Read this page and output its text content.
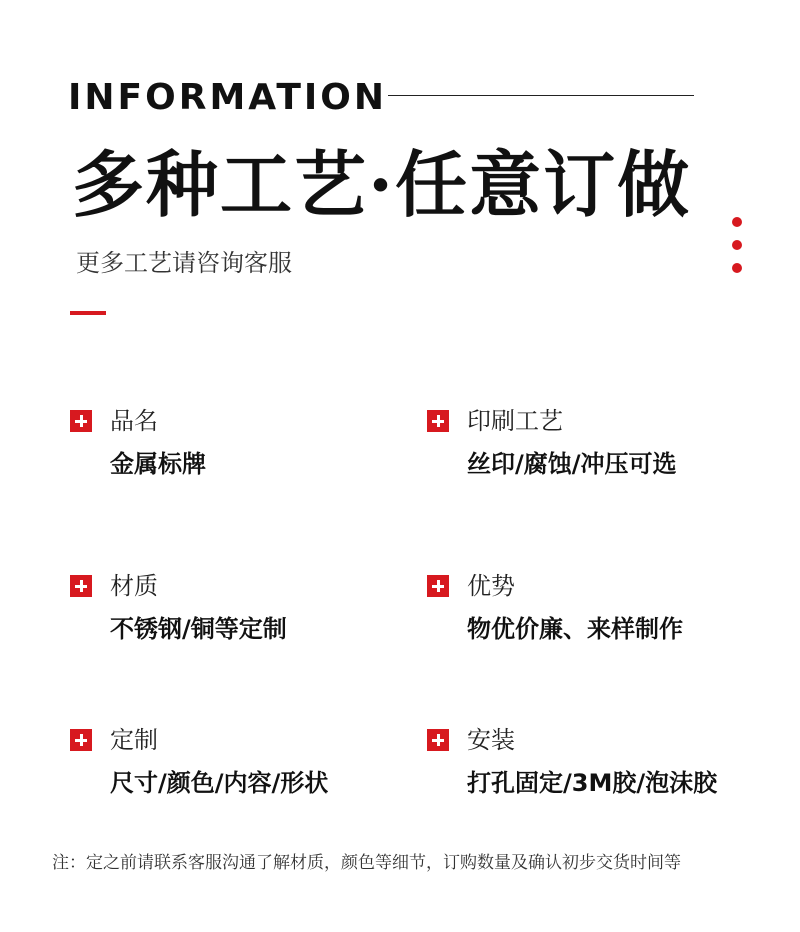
INFORMATION
多种工艺·任意订做
更多工艺请咨询客服
品名
金属标牌
印刷工艺
丝印/腐蚀/冲压可选
材质
不锈钢/铜等定制
优势
物优价廉、来样制作
定制
尺寸/颜色/内容/形状
安装
打孔固定/3M胶/泡沫胶
注：定之前请联系客服沟通了解材质，颜色等细节，订购数量及确认初步交货时间等
